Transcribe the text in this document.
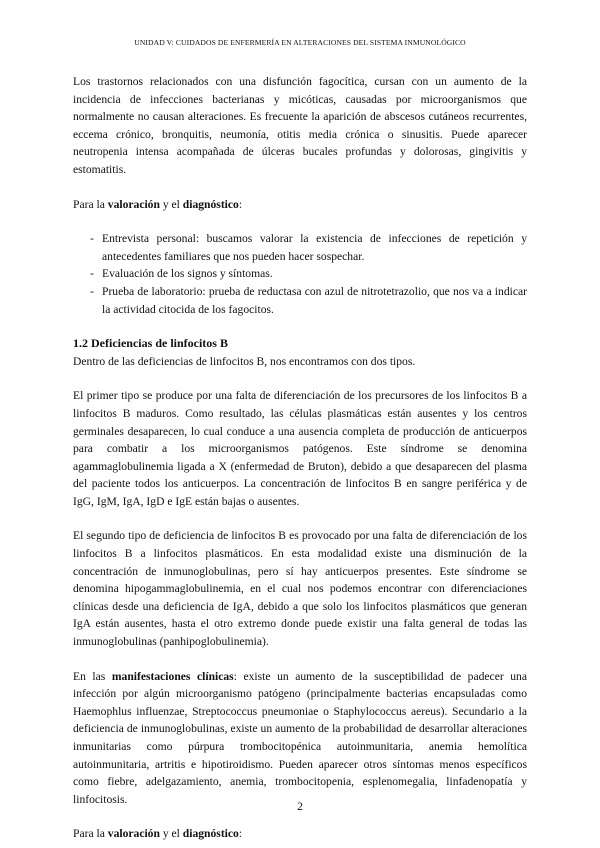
UNIDAD V: CUIDADOS DE ENFERMERÍA EN ALTERACIONES DEL SISTEMA INMUNOLÓGICO

Los trastornos relacionados con una disfunción fagocítica, cursan con un aumento de la incidencia de infecciones bacterianas y micóticas, causadas por microorganismos que normalmente no causan alteraciones. Es frecuente la aparición de abscesos cutáneos recurrentes, eccema crónico, bronquitis, neumonía, otitis media crónica o sinusitis. Puede aparecer neutropenia intensa acompañada de úlceras bucales profundas y dolorosas, gingivitis y estomatitis.

Para la valoración y el diagnóstico:

- Entrevista personal: buscamos valorar la existencia de infecciones de repetición y antecedentes familiares que nos pueden hacer sospechar.
- Evaluación de los signos y síntomas.
- Prueba de laboratorio: prueba de reductasa con azul de nitrotetrazolio, que nos va a indicar la actividad citocida de los fagocitos.

1.2 Deficiencias de linfocitos B

Dentro de las deficiencias de linfocitos B, nos encontramos con dos tipos.

El primer tipo se produce por una falta de diferenciación de los precursores de los linfocitos B a linfocitos B maduros. Como resultado, las células plasmáticas están ausentes y los centros germinales desaparecen, lo cual conduce a una ausencia completa de producción de anticuerpos para combatir a los microorganismos patógenos. Este síndrome se denomina agammaglobulinemia ligada a X (enfermedad de Bruton), debido a que desaparecen del plasma del paciente todos los anticuerpos. La concentración de linfocitos B en sangre periférica y de IgG, IgM, IgA, IgD e IgE están bajas o ausentes.

El segundo tipo de deficiencia de linfocitos B es provocado por una falta de diferenciación de los linfocitos B a linfocitos plasmáticos. En esta modalidad existe una disminución de la concentración de inmunoglobulinas, pero sí hay anticuerpos presentes. Este síndrome se denomina hipogammaglobulinemia, en el cual nos podemos encontrar con diferenciaciones clínicas desde una deficiencia de IgA, debido a que solo los linfocitos plasmáticos que generan IgA están ausentes, hasta el otro extremo donde puede existir una falta general de todas las inmunoglobulinas (panhipoglobulinemia).

En las manifestaciones clínicas: existe un aumento de la susceptibilidad de padecer una infección por algún microorganismo patógeno (principalmente bacterias encapsuladas como Haemophlus influenzae, Streptococcus pneumoniae o Staphylococcus aereus). Secundario a la deficiencia de inmunoglobulinas, existe un aumento de la probabilidad de desarrollar alteraciones inmunitarias como púrpura trombocitopénica autoinmunitaria, anemia hemolítica autoinmunitaria, artritis e hipotiroidismo. Pueden aparecer otros síntomas menos específicos como fiebre, adelgazamiento, anemia, trombocitopenia, esplenomegalia, linfadenopatía y linfocitosis.

Para la valoración y el diagnóstico:

2
